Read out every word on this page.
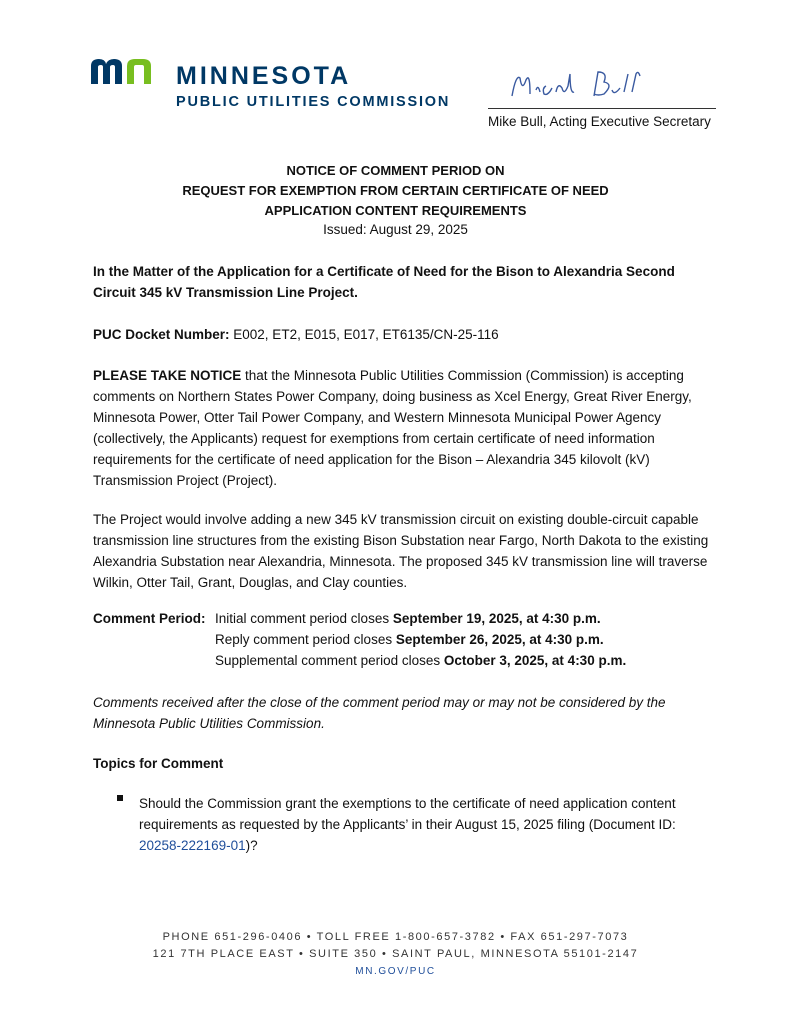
MINNESOTA
PUBLIC UTILITIES COMMISSION
Mike Bull, Acting Executive Secretary
NOTICE OF COMMENT PERIOD ON
REQUEST FOR EXEMPTION FROM CERTAIN CERTIFICATE OF NEED
APPLICATION CONTENT REQUIREMENTS
Issued: August 29, 2025
In the Matter of the Application for a Certificate of Need for the Bison to Alexandria Second Circuit 345 kV Transmission Line Project.
PUC Docket Number: E002, ET2, E015, E017, ET6135/CN-25-116
PLEASE TAKE NOTICE that the Minnesota Public Utilities Commission (Commission) is accepting comments on Northern States Power Company, doing business as Xcel Energy, Great River Energy, Minnesota Power, Otter Tail Power Company, and Western Minnesota Municipal Power Agency (collectively, the Applicants) request for exemptions from certain certificate of need information requirements for the certificate of need application for the Bison – Alexandria 345 kilovolt (kV) Transmission Project (Project).
The Project would involve adding a new 345 kV transmission circuit on existing double-circuit capable transmission line structures from the existing Bison Substation near Fargo, North Dakota to the existing Alexandria Substation near Alexandria, Minnesota. The proposed 345 kV transmission line will traverse Wilkin, Otter Tail, Grant, Douglas, and Clay counties.
Comment Period: Initial comment period closes September 19, 2025, at 4:30 p.m.
Reply comment period closes September 26, 2025, at 4:30 p.m.
Supplemental comment period closes October 3, 2025, at 4:30 p.m.
Comments received after the close of the comment period may or may not be considered by the Minnesota Public Utilities Commission.
Topics for Comment
Should the Commission grant the exemptions to the certificate of need application content requirements as requested by the Applicants’ in their August 15, 2025 filing (Document ID: 20258-222169-01)?
PHONE 651-296-0406 • TOLL FREE 1-800-657-3782 • FAX 651-297-7073
121 7TH PLACE EAST • SUITE 350 • SAINT PAUL, MINNESOTA 55101-2147
MN.GOV/PUC
